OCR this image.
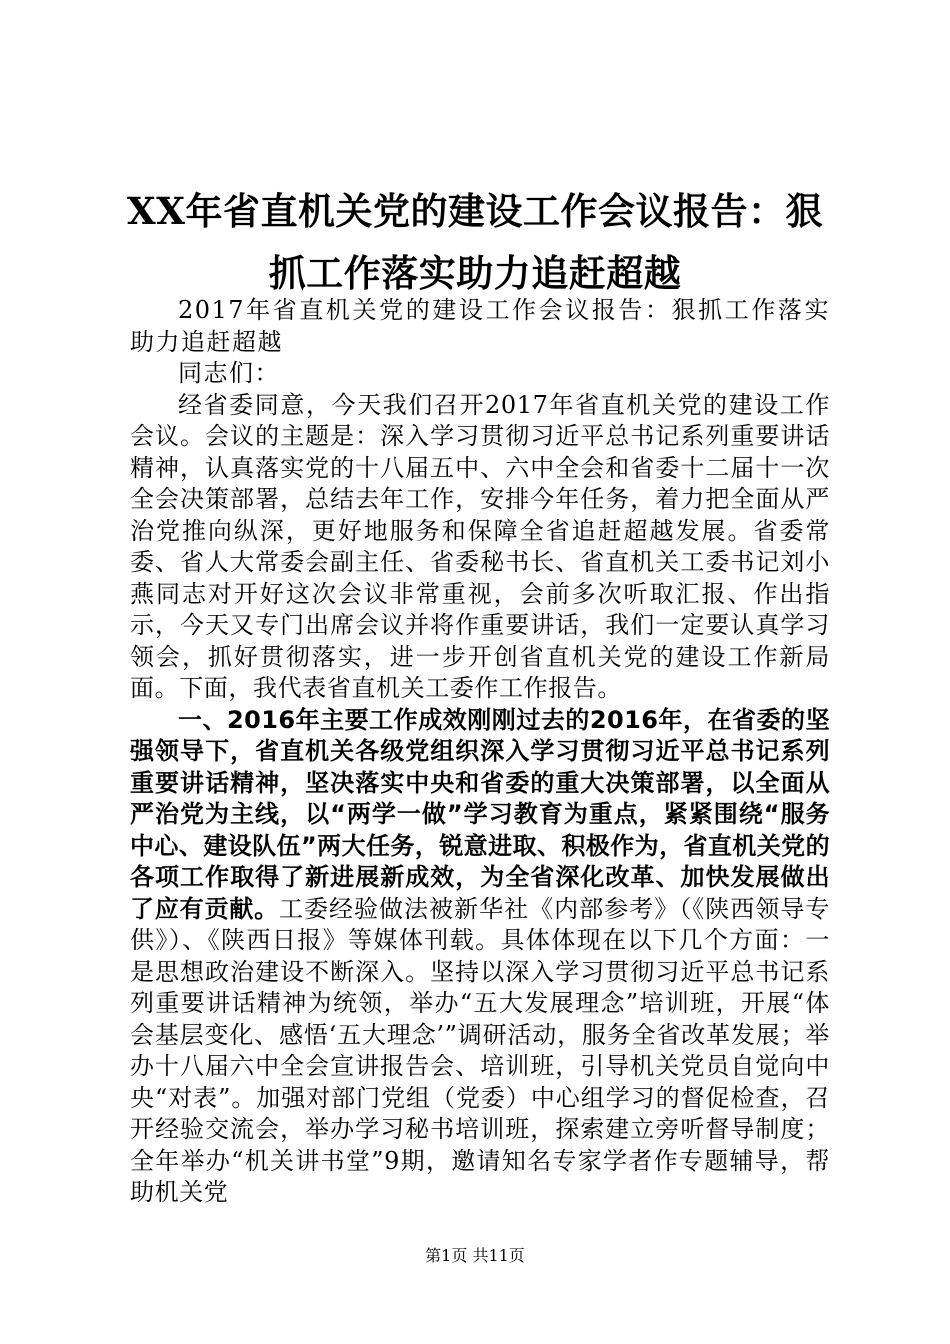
XX年省直机关党的建设工作会议报告：狠抓工作落实助力追赶超越

2017年省直机关党的建设工作会议报告：狠抓工作落实助力追赶超越

同志们：

经省委同意，今天我们召开2017年省直机关党的建设工作会议。会议的主题是：深入学习贯彻习近平总书记系列重要讲话精神，认真落实党的十八届五中、六中全会和省委十二届十一次全会决策部署，总结去年工作，安排今年任务，着力把全面从严治党推向纵深，更好地服务和保障全省追赶超越发展。省委常委、省人大常委会副主任、省委秘书长、省直机关工委书记刘小燕同志对开好这次会议非常重视，会前多次听取汇报、作出指示，今天又专门出席会议并将作重要讲话，我们一定要认真学习领会，抓好贯彻落实，进一步开创省直机关党的建设工作新局面。下面，我代表省直机关工委作工作报告。

一、2016年主要工作成效刚刚过去的2016年，在省委的坚强领导下，省直机关各级党组织深入学习贯彻习近平总书记系列重要讲话精神，坚决落实中央和省委的重大决策部署，以全面从严治党为主线，以“两学一做”学习教育为重点，紧紧围绕“服务中心、建设队伍”两大任务，锐意进取、积极作为，省直机关党的各项工作取得了新进展新成效，为全省深化改革、加快发展做出了应有贡献。工委经验做法被新华社《内部参考》（《陕西领导专供》）、《陕西日报》等媒体刊载。具体体现在以下几个方面：一是思想政治建设不断深入。坚持以深入学习贯彻习近平总书记系列重要讲话精神为统领，举办“五大发展理念”培训班，开展“体会基层变化、感悟‘五大理念’”调研活动，服务全省改革发展；举办十八届六中全会宣讲报告会、培训班，引导机关党员自觉向中央“对表”。加强对部门党组（党委）中心组学习的督促检查，召开经验交流会，举办学习秘书培训班，探索建立旁听督导制度；全年举办“机关讲书堂”9期，邀请知名专家学者作专题辅导，帮助机关党

第1页 共11页
